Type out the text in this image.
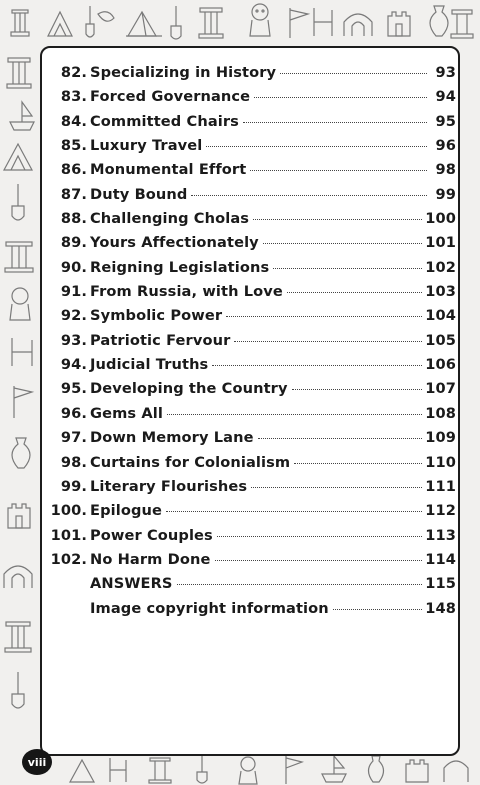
82. Specializing in History	93
83. Forced Governance	94
84. Committed Chairs	95
85. Luxury Travel	96
86. Monumental Effort	98
87. Duty Bound	99
88. Challenging Cholas	100
89. Yours Affectionately	101
90. Reigning Legislations	102
91. From Russia, with Love	103
92. Symbolic Power	104
93. Patriotic Fervour	105
94. Judicial Truths	106
95. Developing the Country	107
96. Gems All	108
97. Down Memory Lane	109
98. Curtains for Colonialism	110
99. Literary Flourishes	111
100. Epilogue	112
101. Power Couples	113
102. No Harm Done	114
ANSWERS	115
Image copyright information	148
viii
